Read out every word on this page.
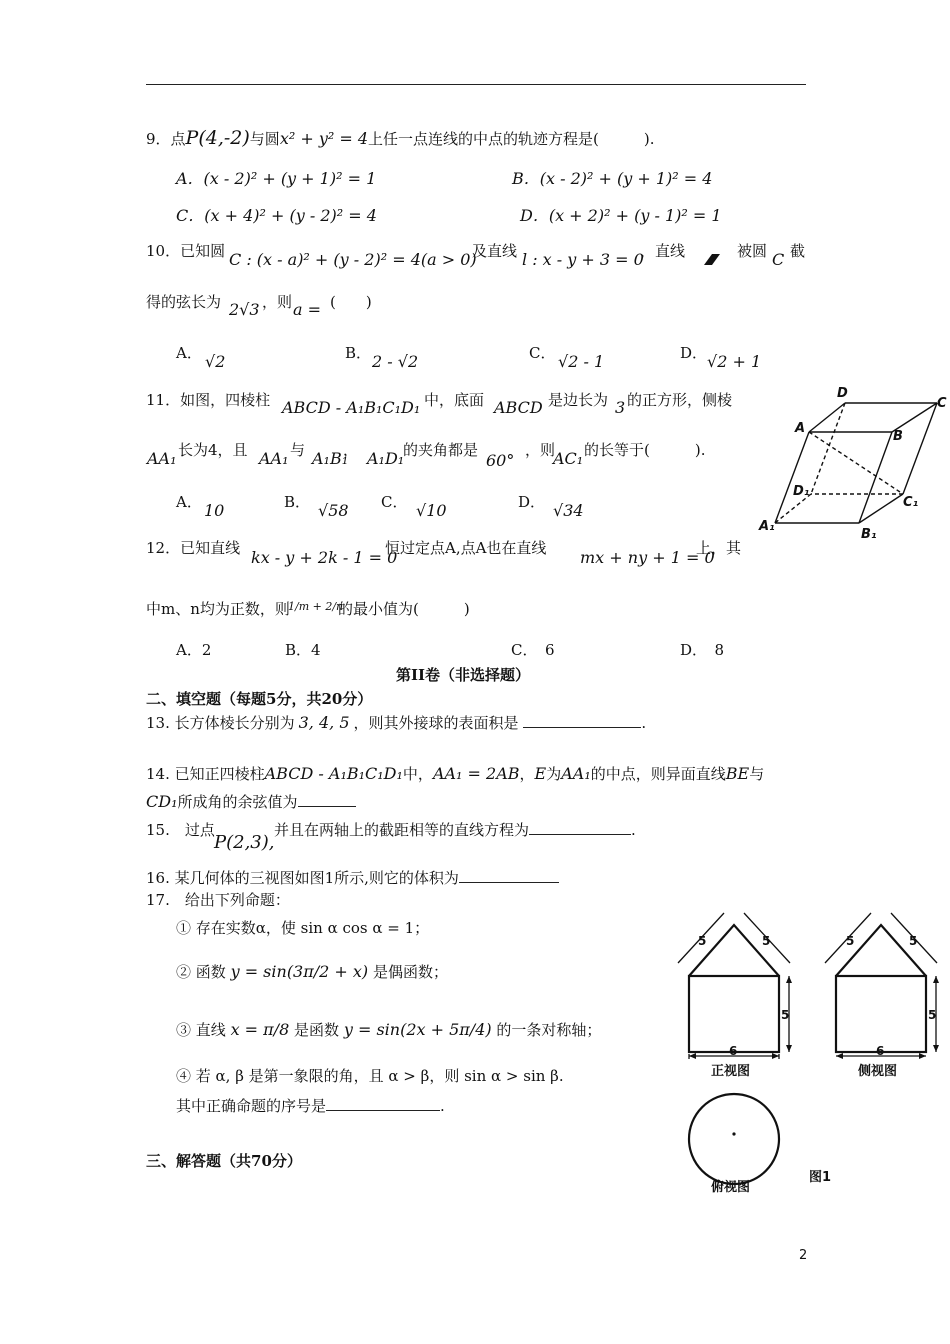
9．点P(4,-2)与圆x² + y² = 4上任一点连线的中点的轨迹方程是(　　　).
A．(x - 2)² + (y + 1)² = 1	B．(x - 2)² + (y + 1)² = 4
C．(x + 4)² + (y - 2)² = 4	D．(x + 2)² + (y - 1)² = 1
10．已知圆 C : (x - a)² + (y - 2)² = 4(a > 0)
及直线 l : x - y + 3 = 0
，直线	被圆 C 截
得的弦长为 2√3 ，则 a = (　　)
A． √2	B． 2 - √2	C． √2 - 1	D． √2 + 1
11．如图，四棱柱 ABCD - A₁B₁C₁D₁ 中，底面 ABCD 是边长为 3 的正方形，侧棱
AA₁ 长为4，且 AA₁ 与 A₁B₁
， A₁D₁
的夹角都是
60°
，则
AC₁ 的长等于(　　　).
A． 10	B． √58 C． √10	D． √34
D
C
A
B
D₁
C₁
A₁
B₁
12．已知直线 kx - y + 2k - 1 = 0
恒过定点A,点A也在直线 mx + ny + 1 = 0
上，其
中m、n均为正数，则
1/m + 2/n
的最小值为(　　　)
A．2	B．4	C．　6	D．　8
第II卷（非选择题）
二、填空题（每题5分，共20分）
13. 长方体棱长分别为 3, 4, 5 ，则其外接球的表面积是	.
14. 已知正四棱柱ABCD - A₁B₁C₁D₁中，AA₁ = 2AB，E为AA₁的中点，则异面直线BE与
CD₁所成角的余弦值为
15.　过点
P(2,3),
并且在两轴上的截距相等的直线方程为	.
16. 某几何体的三视图如图1所示,则它的体积为
17.　给出下列命题：
① 存在实数α，使 sin α cos α = 1；
② 函数 y = sin(3π/2 + x) 是偶函数；
③ 直线 x = π/8 是函数 y = sin(2x + 5π/4) 的一条对称轴；
④ 若 α, β 是第一象限的角，且 α > β，则 sin α > sin β.
其中正确命题的序号是	.
三、解答题（共70分）
5	5
6
5
5	5
6
5
正视图	侧视图
俯视图
图1
2
